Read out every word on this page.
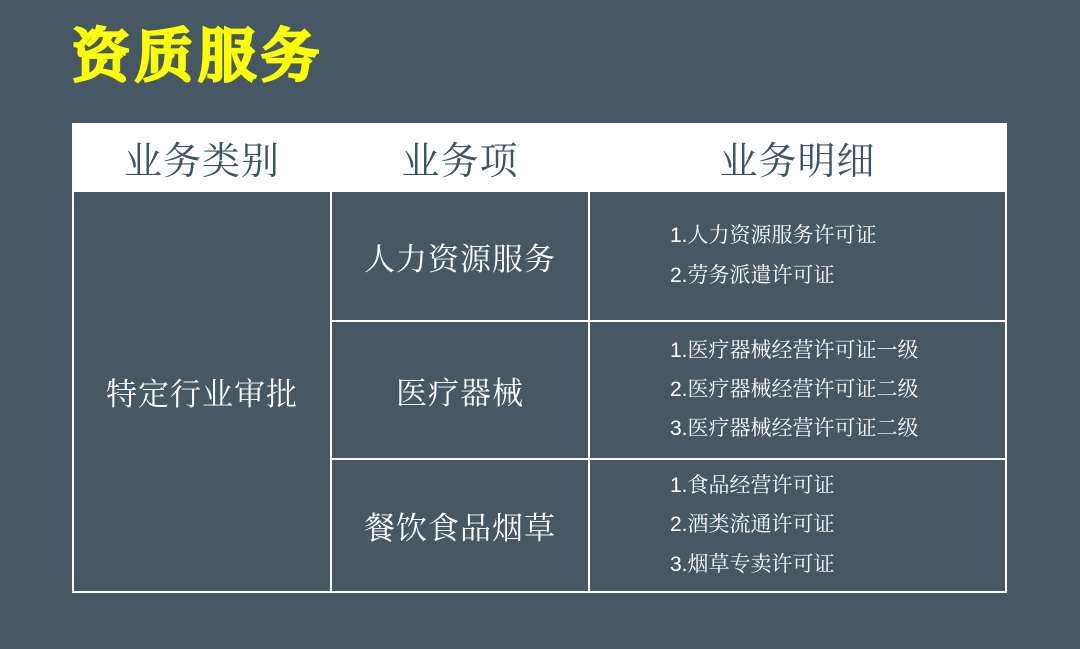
资质服务
业务类别	业务项	业务明细
特定行业审批	人力资源服务	1.人力资源服务许可证
2.劳务派遣许可证

	医疗器械	1.医疗器械经营许可证一级
2.医疗器械经营许可证二级
3.医疗器械经营许可证二级

	餐饮食品烟草	1.食品经营许可证
2.酒类流通许可证
3.烟草专卖许可证
